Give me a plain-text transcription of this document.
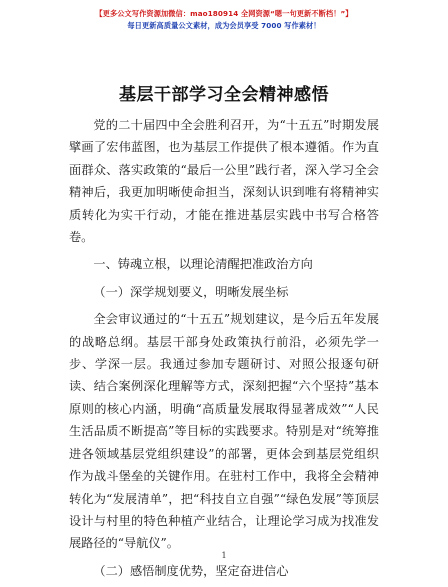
【更多公文写作资源加微信：mao180914 全网资源“嗯一句更新不断档！”】
每日更新高质量公文素材，成为会员享受 7000 写作素材！
基层干部学习全会精神感悟

党的二十届四中全会胜利召开，为“十五五”时期发展擘画了宏伟蓝图，也为基层工作提供了根本遵循。作为直面群众、落实政策的“最后一公里”践行者，深入学习全会精神后，我更加明晰使命担当，深刻认识到唯有将精神实质转化为实干行动，才能在推进基层实践中书写合格答卷。

一、铸魂立根，以理论清醒把准政治方向
（一）深学规划要义，明晰发展坐标

全会审议通过的“十五五”规划建议，是今后五年发展的战略总纲。基层干部身处政策执行前沿，必须先学一步、学深一层。我通过参加专题研讨、对照公报逐句研读、结合案例深化理解等方式，深刻把握“六个坚持”基本原则的核心内涵，明确“高质量发展取得显著成效”“人民生活品质不断提高”等目标的实践要求。特别是对“统筹推进各领域基层党组织建设”的部署，更体会到基层党组织作为战斗堡垒的关键作用。在驻村工作中，我将全会精神转化为“发展清单”，把“科技自立自强”“绿色发展”等顶层设计与村里的特色种植产业结合，让理论学习成为找准发展路径的“导航仪”。

（二）感悟制度优势，坚定奋进信心
1
